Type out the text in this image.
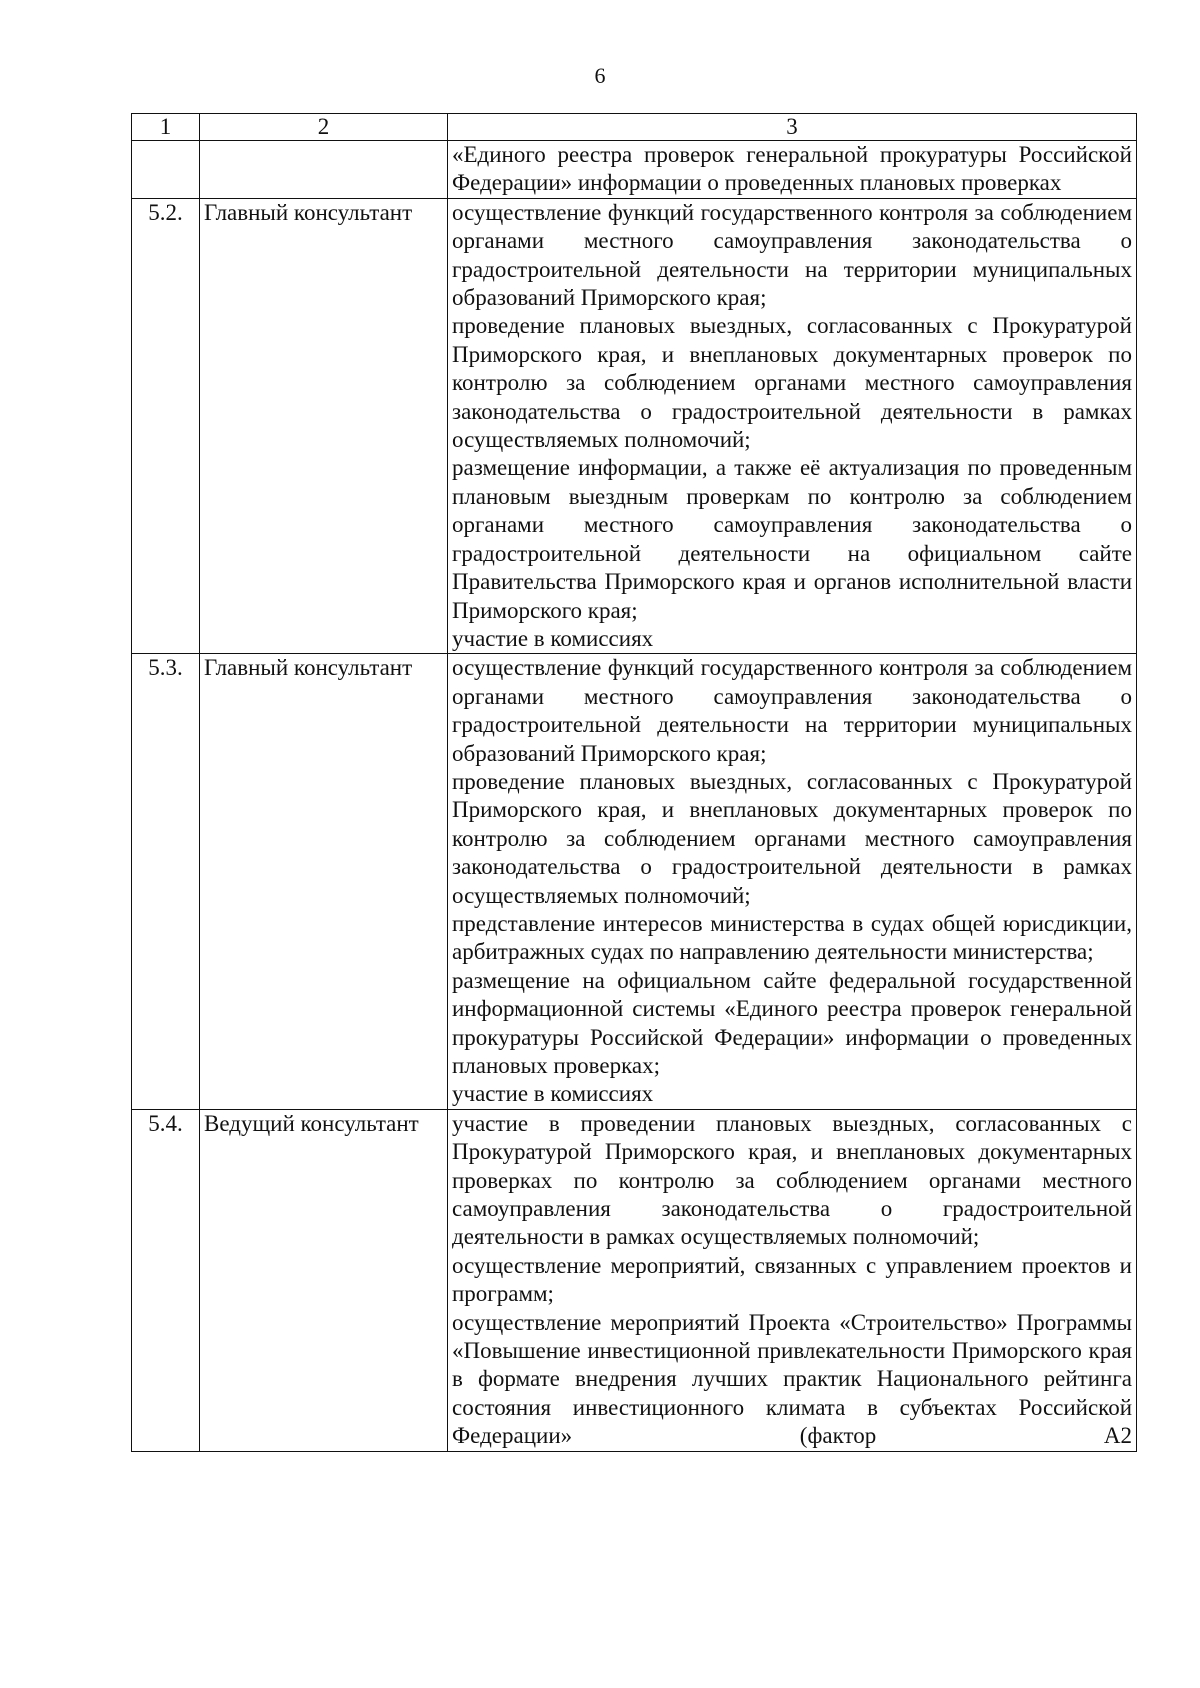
6
1	2	3

		«Единого реестра проверок генеральной прокуратуры Российской Федерации» информации о проведенных плановых проверках

5.2.	Главный консультант	осуществление функций государственного контроля за соблюдением органами местного самоуправления законодательства о градостроительной деятельности на территории муниципальных образований Приморского края;
проведение плановых выездных, согласованных с Прокуратурой Приморского края, и внеплановых документарных проверок по контролю за соблюдением органами местного самоуправления законодательства о градостроительной деятельности в рамках осуществляемых полномочий;
размещение информации, а также её актуализация по проведенным плановым выездным проверкам по контролю за соблюдением органами местного самоуправления законодательства о градостроительной деятельности на официальном сайте Правительства Приморского края и органов исполнительной власти Приморского края;
участие в комиссиях

5.3.	Главный консультант	осуществление функций государственного контроля за соблюдением органами местного самоуправления законодательства о градостроительной деятельности на территории муниципальных образований Приморского края;
проведение плановых выездных, согласованных с Прокуратурой Приморского края, и внеплановых документарных проверок по контролю за соблюдением органами местного самоуправления законодательства о градостроительной деятельности в рамках осуществляемых полномочий;
представление интересов министерства в судах общей юрисдикции, арбитражных судах по направлению деятельности министерства;
размещение на официальном сайте федеральной государственной информационной системы «Единого реестра проверок генеральной прокуратуры Российской Федерации» информации о проведенных плановых проверках;
участие в комиссиях

5.4.	Ведущий консультант	участие в проведении плановых выездных, согласованных с Прокуратурой Приморского края, и внеплановых документарных проверках по контролю за соблюдением органами местного самоуправления законодательства о градостроительной деятельности в рамках осуществляемых полномочий;
осуществление мероприятий, связанных с управлением проектов и программ;
осуществление мероприятий Проекта «Строительство» Программы «Повышение инвестиционной привлекательности Приморского края в формате внедрения лучших практик Национального рейтинга состояния инвестиционного климата в субъектах Российской Федерации» (фактор А2
